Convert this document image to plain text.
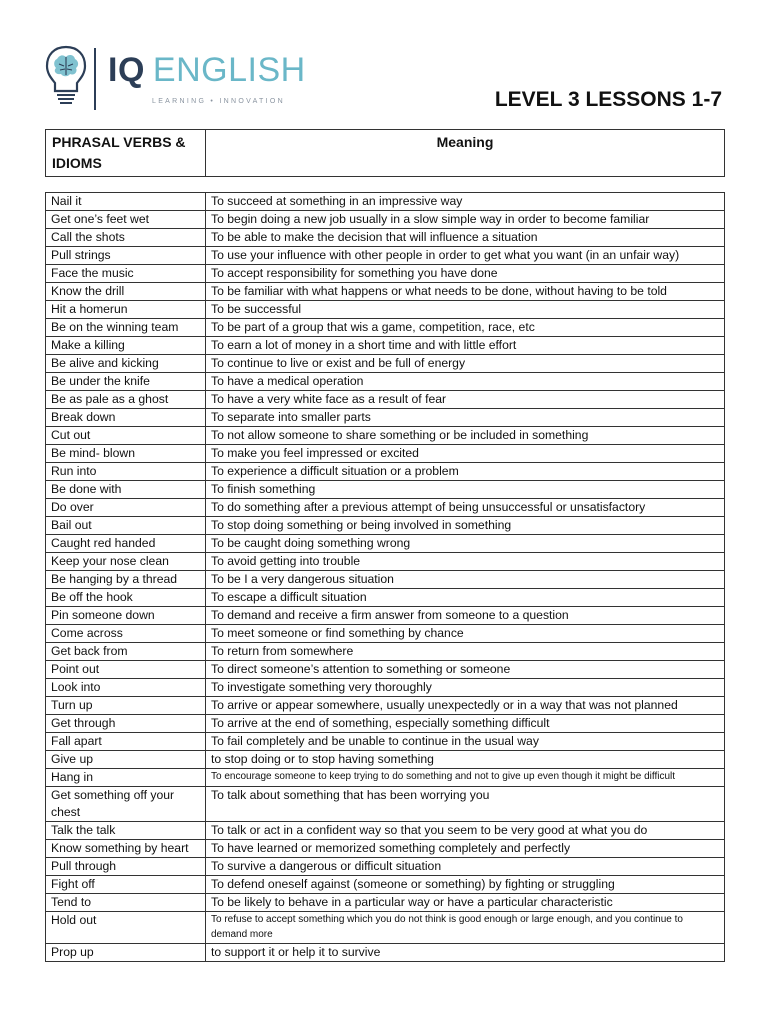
IQ ENGLISH
LEARNING • INNOVATION	LEVEL 3 LESSONS 1-7
PHRASAL VERBS & IDIOMS	Meaning
Nail it	To succeed at something in an impressive way
Get one’s feet wet	To begin doing a new job usually in a slow simple way in order to become familiar
Call the shots	To be able to make the decision that will influence a situation
Pull strings	To use your influence with other people in order to get what you want (in an unfair way)
Face the music	To accept responsibility for something you have done
Know the drill	To be familiar with what happens or what needs to be done, without having to be told
Hit a homerun	To be successful
Be on the winning team	To be part of a group that wis a game, competition, race, etc
Make a killing	To earn a lot of money in a short time and with little effort
Be alive and kicking	To continue to live or exist and be full of energy
Be under the knife	To have a medical operation
Be as pale as a ghost	To have a very white face as a result of fear
Break down	To separate into smaller parts
Cut out	To not allow someone to share something or be included in something
Be mind- blown	To make you feel impressed or excited
Run into	To experience a difficult situation or a problem
Be done with	To finish something
Do over	To do something after a previous attempt of being unsuccessful or unsatisfactory
Bail out	To stop doing something or being involved in something
Caught red handed	To be caught doing something wrong
Keep your nose clean	To avoid getting into trouble
Be hanging by a thread	To be I a very dangerous situation
Be off the hook	To escape a difficult situation
Pin someone down	To demand and receive a firm answer from someone to a question
Come across	To meet someone or find something by chance
Get back from	To return from somewhere
Point out	To direct someone’s attention to something or someone
Look into	To investigate something very thoroughly
Turn up	To arrive or appear somewhere, usually unexpectedly or in a way that was not planned
Get through	To arrive at the end of something, especially something difficult
Fall apart	To fail completely and be unable to continue in the usual way
Give up	to stop doing or to stop having something
Hang in	To encourage someone to keep trying to do something and not to give up even though it might be difficult
Get something off your chest	To talk about something that has been worrying you
Talk the talk	To talk or act in a confident way so that you seem to be very good at what you do
Know something by heart	To have learned or memorized something completely and perfectly
Pull through	To survive a dangerous or difficult situation
Fight off	To defend oneself against (someone or something) by fighting or struggling
Tend to	To be likely to behave in a particular way or have a particular characteristic
Hold out	To refuse to accept something which you do not think is good enough or large enough, and you continue to demand more
Prop up	to support it or help it to survive
